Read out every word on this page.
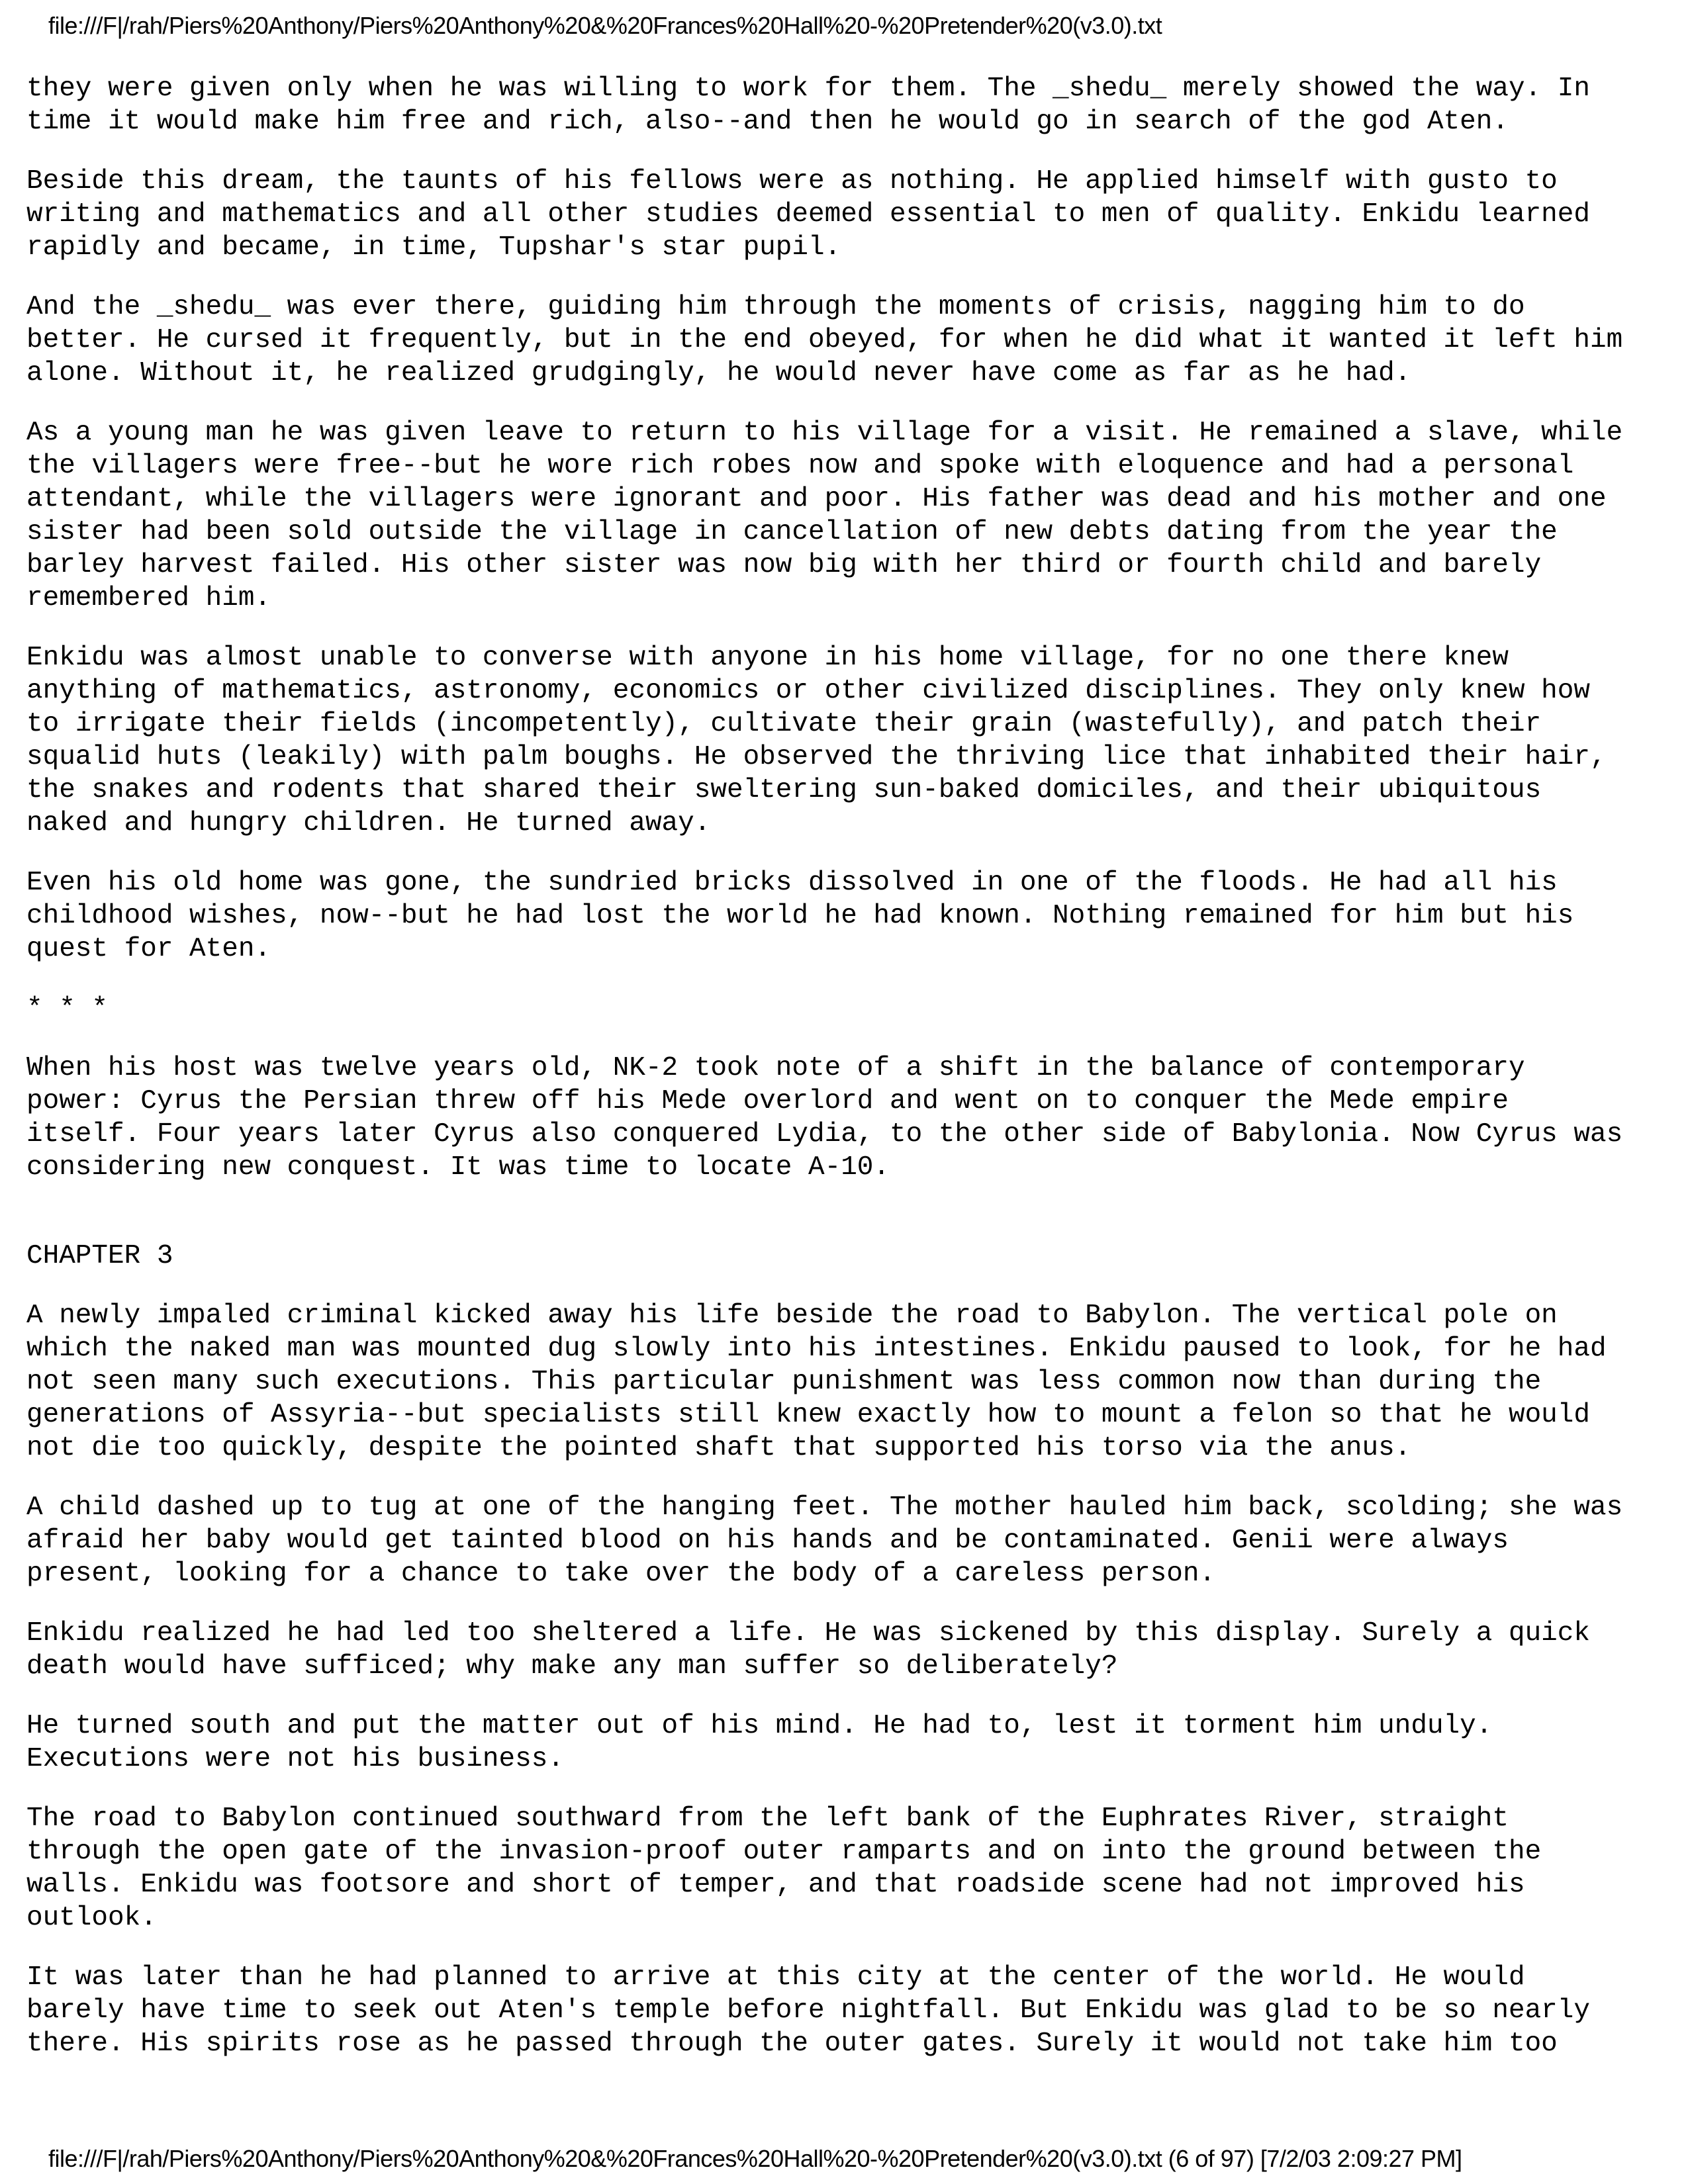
file:///F|/rah/Piers%20Anthony/Piers%20Anthony%20&%20Frances%20Hall%20-%20Pretender%20(v3.0).txt

they were given only when he was willing to work for them. The _shedu_ merely showed the way. In
time it would make him free and rich, also--and then he would go in search of the god Aten.

Beside this dream, the taunts of his fellows were as nothing. He applied himself with gusto to
writing and mathematics and all other studies deemed essential to men of quality. Enkidu learned
rapidly and became, in time, Tupshar's star pupil.

And the _shedu_ was ever there, guiding him through the moments of crisis, nagging him to do
better. He cursed it frequently, but in the end obeyed, for when he did what it wanted it left him
alone. Without it, he realized grudgingly, he would never have come as far as he had.

As a young man he was given leave to return to his village for a visit. He remained a slave, while
the villagers were free--but he wore rich robes now and spoke with eloquence and had a personal
attendant, while the villagers were ignorant and poor. His father was dead and his mother and one
sister had been sold outside the village in cancellation of new debts dating from the year the
barley harvest failed. His other sister was now big with her third or fourth child and barely
remembered him.

Enkidu was almost unable to converse with anyone in his home village, for no one there knew
anything of mathematics, astronomy, economics or other civilized disciplines. They only knew how
to irrigate their fields (incompetently), cultivate their grain (wastefully), and patch their
squalid huts (leakily) with palm boughs. He observed the thriving lice that inhabited their hair,
the snakes and rodents that shared their sweltering sun-baked domiciles, and their ubiquitous
naked and hungry children. He turned away.

Even his old home was gone, the sundried bricks dissolved in one of the floods. He had all his
childhood wishes, now--but he had lost the world he had known. Nothing remained for him but his
quest for Aten.

* * *

When his host was twelve years old, NK-2 took note of a shift in the balance of contemporary
power: Cyrus the Persian threw off his Mede overlord and went on to conquer the Mede empire
itself. Four years later Cyrus also conquered Lydia, to the other side of Babylonia. Now Cyrus was
considering new conquest. It was time to locate A-10.

CHAPTER 3

A newly impaled criminal kicked away his life beside the road to Babylon. The vertical pole on
which the naked man was mounted dug slowly into his intestines. Enkidu paused to look, for he had
not seen many such executions. This particular punishment was less common now than during the
generations of Assyria--but specialists still knew exactly how to mount a felon so that he would
not die too quickly, despite the pointed shaft that supported his torso via the anus.

A child dashed up to tug at one of the hanging feet. The mother hauled him back, scolding; she was
afraid her baby would get tainted blood on his hands and be contaminated. Genii were always
present, looking for a chance to take over the body of a careless person.

Enkidu realized he had led too sheltered a life. He was sickened by this display. Surely a quick
death would have sufficed; why make any man suffer so deliberately?

He turned south and put the matter out of his mind. He had to, lest it torment him unduly.
Executions were not his business.

The road to Babylon continued southward from the left bank of the Euphrates River, straight
through the open gate of the invasion-proof outer ramparts and on into the ground between the
walls. Enkidu was footsore and short of temper, and that roadside scene had not improved his
outlook.

It was later than he had planned to arrive at this city at the center of the world. He would
barely have time to seek out Aten's temple before nightfall. But Enkidu was glad to be so nearly
there. His spirits rose as he passed through the outer gates. Surely it would not take him too

file:///F|/rah/Piers%20Anthony/Piers%20Anthony%20&%20Frances%20Hall%20-%20Pretender%20(v3.0).txt (6 of 97) [7/2/03 2:09:27 PM]
